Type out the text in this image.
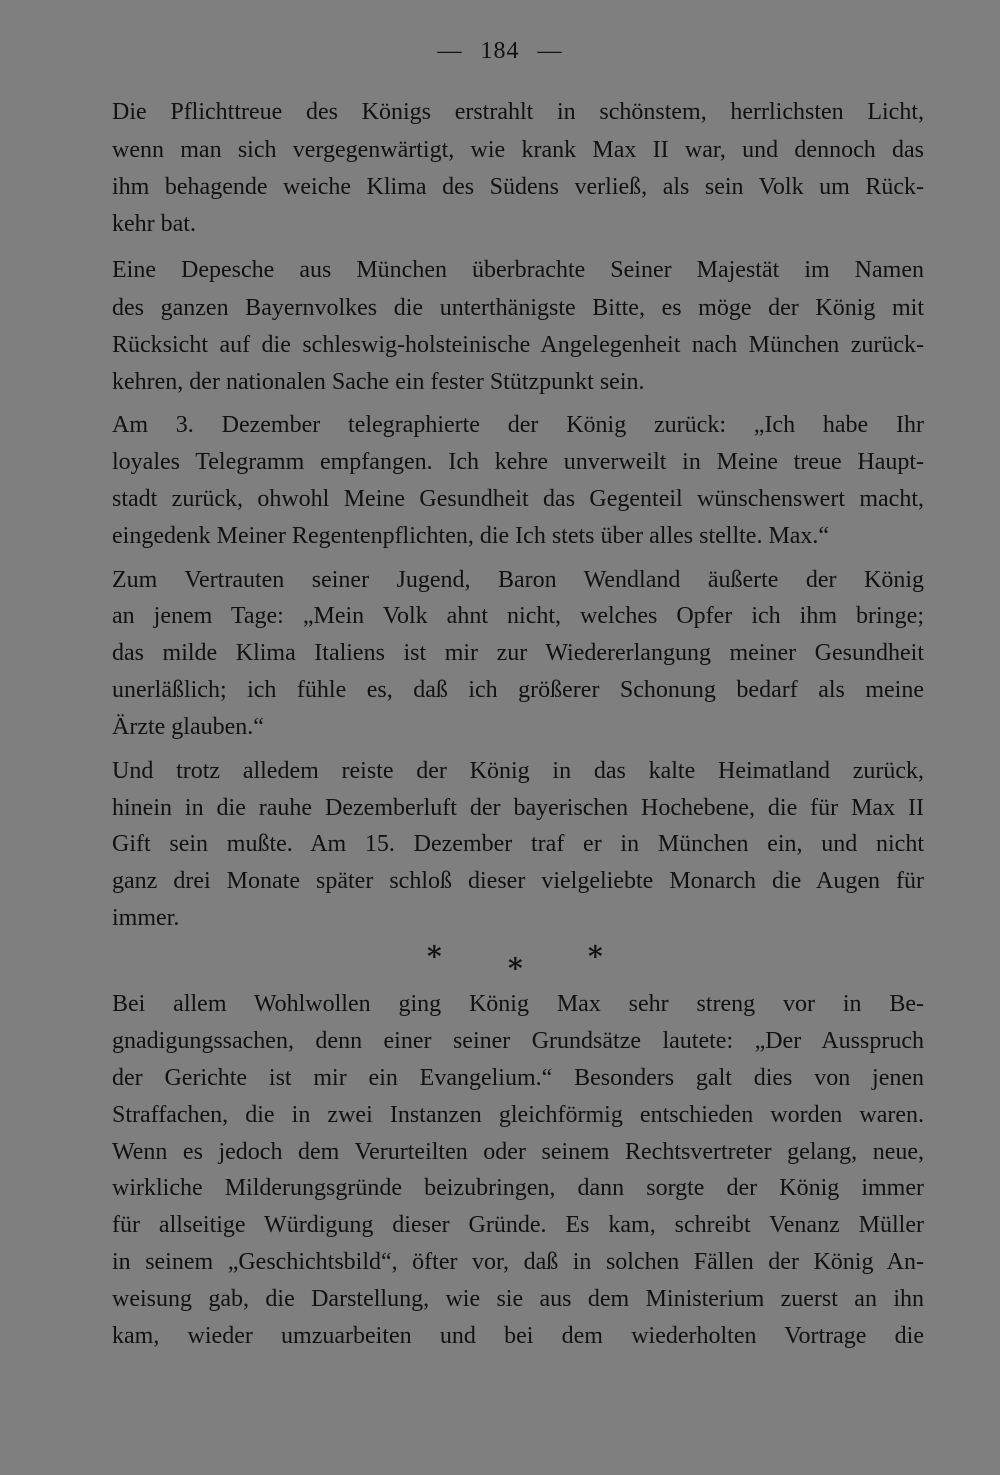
— 184 —
Die Pflichttreue des Königs erstrahlt in schönstem, herrlichsten Licht,
wenn man sich vergegenwärtigt, wie krank Max II war, und dennoch das
ihm behagende weiche Klima des Südens verließ, als sein Volk um Rück-
kehr bat.
Eine Depesche aus München überbrachte Seiner Majestät im Namen
des ganzen Bayernvolkes die unterthänigste Bitte, es möge der König mit
Rücksicht auf die schleswig-holsteinische Angelegenheit nach München zurück-
kehren, der nationalen Sache ein fester Stützpunkt sein.
Am 3. Dezember telegraphierte der König zurück: „Ich habe Ihr
loyales Telegramm empfangen. Ich kehre unverweilt in Meine treue Haupt-
stadt zurück, ohwohl Meine Gesundheit das Gegenteil wünschenswert macht,
eingedenk Meiner Regentenpflichten, die Ich stets über alles stellte. Max.“
Zum Vertrauten seiner Jugend, Baron Wendland äußerte der König
an jenem Tage: „Mein Volk ahnt nicht, welches Opfer ich ihm bringe;
das milde Klima Italiens ist mir zur Wiedererlangung meiner Gesundheit
unerläßlich; ich fühle es, daß ich größerer Schonung bedarf als meine
Ärzte glauben.“
Und trotz alledem reiste der König in das kalte Heimatland zurück,
hinein in die rauhe Dezemberluft der bayerischen Hochebene, die für Max II
Gift sein mußte. Am 15. Dezember traf er in München ein, und nicht
ganz drei Monate später schloß dieser vielgeliebte Monarch die Augen für
immer.
* * *
Bei allem Wohlwollen ging König Max sehr streng vor in Be-
gnadigungssachen, denn einer seiner Grundsätze lautete: „Der Ausspruch
der Gerichte ist mir ein Evangelium.“ Besonders galt dies von jenen
Straffachen, die in zwei Instanzen gleichförmig entschieden worden waren.
Wenn es jedoch dem Verurteilten oder seinem Rechtsvertreter gelang, neue,
wirkliche Milderungsgründe beizubringen, dann sorgte der König immer
für allseitige Würdigung dieser Gründe. Es kam, schreibt Venanz Müller
in seinem „Geschichtsbild“, öfter vor, daß in solchen Fällen der König An-
weisung gab, die Darstellung, wie sie aus dem Ministerium zuerst an ihn
kam, wieder umzuarbeiten und bei dem wiederholten Vortrage die
